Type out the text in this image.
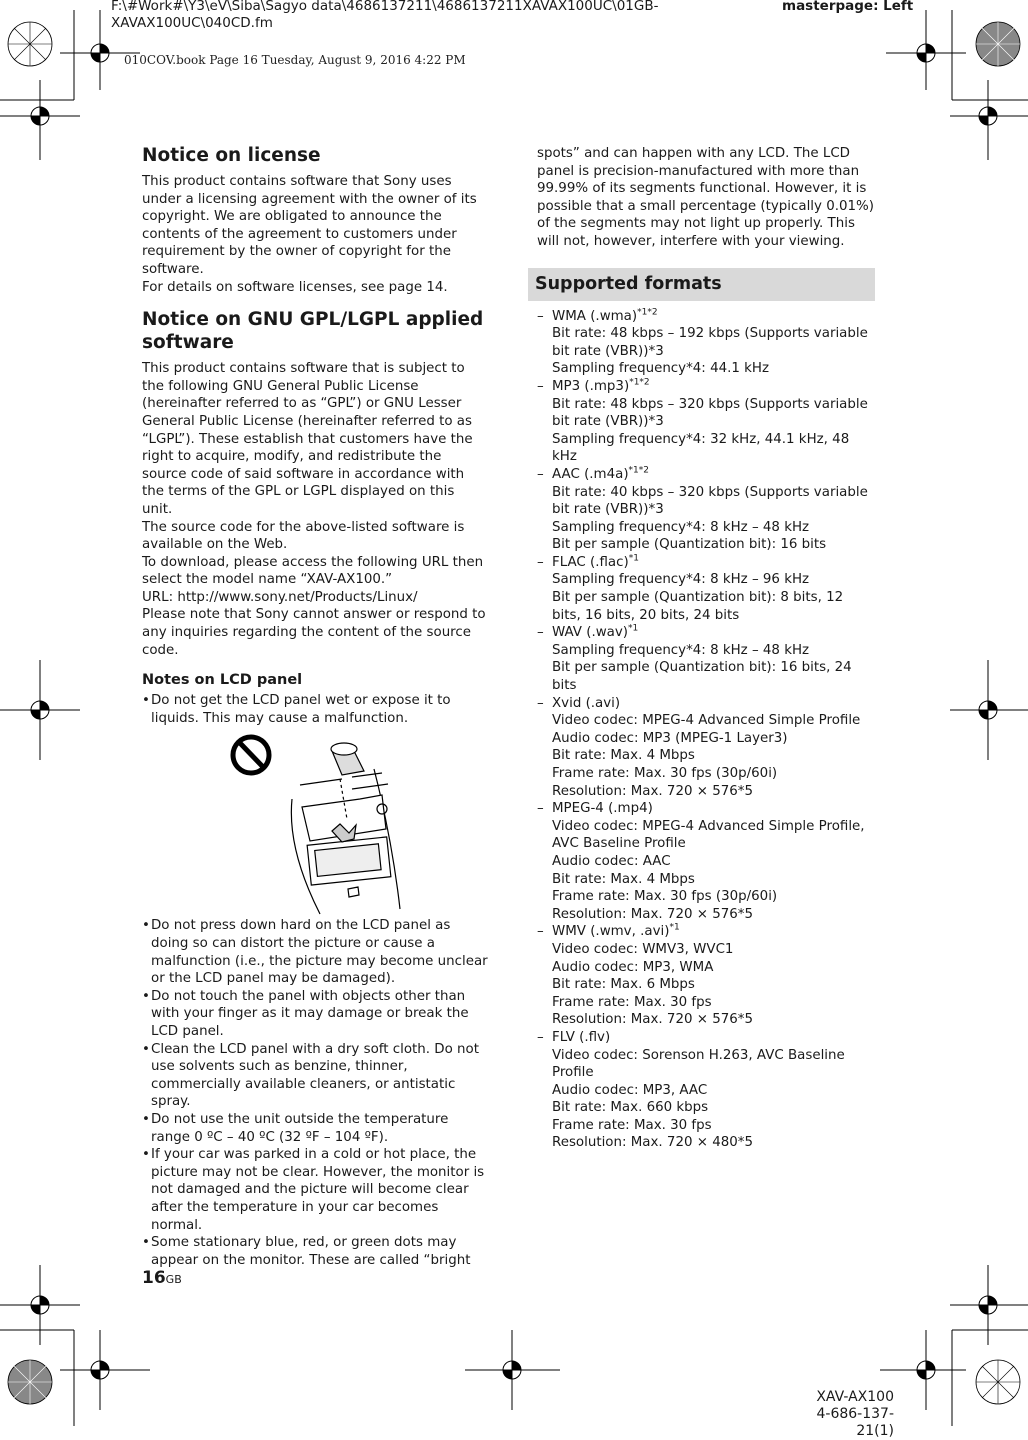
F:\#Work#\Y3\eV\Siba\Sagyo data\4686137211\4686137211XAVAX100UC\01GB-
XAVAX100UC\040CD.fm
masterpage: Left
010COV.book Page 16 Tuesday, August 9, 2016 4:22 PM
Notice on license

This product contains software that Sony uses under a licensing agreement with the owner of its copyright. We are obligated to announce the contents of the agreement to customers under requirement by the owner of copyright for the software.

For details on software licenses, see page 14.

Notice on GNU GPL/LGPL applied software

This product contains software that is subject to the following GNU General Public License (hereinafter referred to as “GPL”) or GNU Lesser General Public License (hereinafter referred to as “LGPL”). These establish that customers have the right to acquire, modify, and redistribute the source code of said software in accordance with the terms of the GPL or LGPL displayed on this unit.

The source code for the above-listed software is available on the Web.

To download, please access the following URL then select the model name “XAV-AX100.”

URL: http://www.sony.net/Products/Linux/

Please note that Sony cannot answer or respond to any inquiries regarding the content of the source code.

Notes on LCD panel
• Do not get the LCD panel wet or expose it to liquids. This may cause a malfunction.
• Do not press down hard on the LCD panel as doing so can distort the picture or cause a malfunction (i.e., the picture may become unclear or the LCD panel may be damaged).
• Do not touch the panel with objects other than with your finger as it may damage or break the LCD panel.
• Clean the LCD panel with a dry soft cloth. Do not use solvents such as benzine, thinner, commercially available cleaners, or antistatic spray.
• Do not use the unit outside the temperature range 0 ºC – 40 ºC (32 ºF – 104 ºF).
• If your car was parked in a cold or hot place, the picture may not be clear. However, the monitor is not damaged and the picture will become clear after the temperature in your car becomes normal.
• Some stationary blue, red, or green dots may appear on the monitor. These are called “bright

spots” and can happen with any LCD. The LCD panel is precision-manufactured with more than 99.99% of its segments functional. However, it is possible that a small percentage (typically 0.01%) of the segments may not light up properly. This will not, however, interfere with your viewing.

Supported formats
– WMA $(.wma)^{*1*2}$
Bit rate: 48 kbps – 192 kbps (Supports variable bit rate (VBR))*3
Sampling frequency*4: 44.1 kHz
– MP3 $(.mp3)^{*1*2}$
Bit rate: 48 kbps – 320 kbps (Supports variable bit rate (VBR))*3
Sampling frequency*4: 32 kHz, 44.1 kHz, 48 kHz
– AAC $(.m4a)^{*1*2}$
Bit rate: 40 kbps – 320 kbps (Supports variable bit rate (VBR))*3
Sampling frequency*4: 8 kHz – 48 kHz
Bit per sample (Quantization bit): 16 bits
– FLAC (.flac)$^{*1}$
Sampling frequency*4: 8 kHz – 96 kHz
Bit per sample (Quantization bit): 8 bits, 12 bits, 16 bits, 20 bits, 24 bits
– WAV $(.wav)^{*1}$
Sampling frequency*4: 8 kHz – 48 kHz
Bit per sample (Quantization bit): 16 bits, 24 bits
– Xvid (.avi)
Video codec: MPEG-4 Advanced Simple Profile
Audio codec: MP3 (MPEG-1 Layer3)
Bit rate: Max. 4 Mbps
Frame rate: Max. 30 fps (30p/60i)
Resolution: Max. 720 × 576*5
– MPEG-4 (.mp4)
Video codec: MPEG-4 Advanced Simple Profile, AVC Baseline Profile
Audio codec: AAC
Bit rate: Max. 4 Mbps
Frame rate: Max. 30 fps (30p/60i)
Resolution: Max. 720 × 576*5
– WMV (.wmv, .avi)$^{*1}$
Video codec: WMV3, WVC1
Audio codec: MP3, WMA
Bit rate: Max. 6 Mbps
Frame rate: Max. 30 fps
Resolution: Max. 720 × 576*5
– FLV (.flv)
Video codec: Sorenson H.263, AVC Baseline Profile
Audio codec: MP3, AAC
Bit rate: Max. 660 kbps
Frame rate: Max. 30 fps
Resolution: Max. 720 × 480*5
16GB
XAV-AX100
4-686-137-21(1)
